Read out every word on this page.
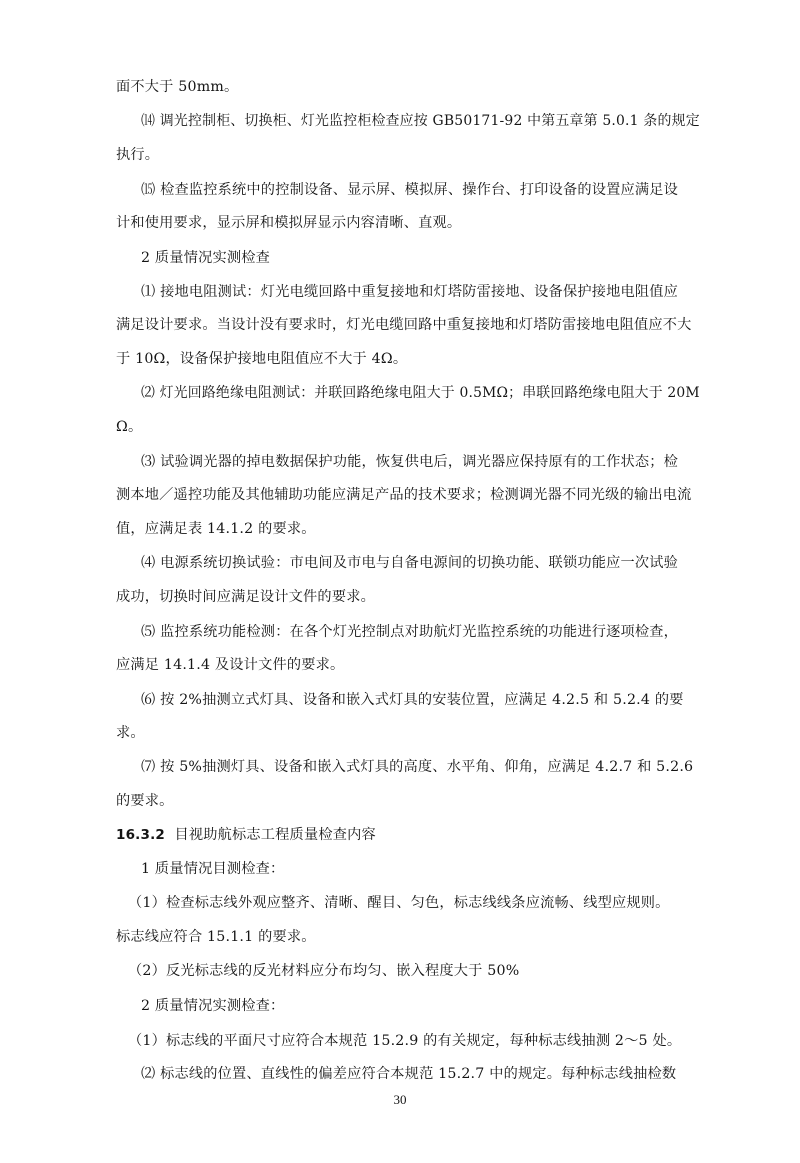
面不大于 50mm。
⒁ 调光控制柜、切换柜、灯光监控柜检查应按 GB50171-92 中第五章第 5.0.1 条的规定
执行。
⒂ 检查监控系统中的控制设备、显示屏、模拟屏、操作台、打印设备的设置应满足设
计和使用要求，显示屏和模拟屏显示内容清晰、直观。
2 质量情况实测检查
⑴ 接地电阻测试：灯光电缆回路中重复接地和灯塔防雷接地、设备保护接地电阻值应
满足设计要求。当设计没有要求时，灯光电缆回路中重复接地和灯塔防雷接地电阻值应不大
于 10Ω，设备保护接地电阻值应不大于 4Ω。
⑵ 灯光回路绝缘电阻测试：并联回路绝缘电阻大于 0.5MΩ；串联回路绝缘电阻大于 20M
Ω。
⑶ 试验调光器的掉电数据保护功能，恢复供电后，调光器应保持原有的工作状态；检
测本地／遥控功能及其他辅助功能应满足产品的技术要求；检测调光器不同光级的输出电流
值，应满足表 14.1.2 的要求。
⑷ 电源系统切换试验：市电间及市电与自备电源间的切换功能、联锁功能应一次试验
成功，切换时间应满足设计文件的要求。
⑸ 监控系统功能检测：在各个灯光控制点对助航灯光监控系统的功能进行逐项检查，
应满足 14.1.4 及设计文件的要求。
⑹ 按 2%抽测立式灯具、设备和嵌入式灯具的安装位置，应满足 4.2.5 和 5.2.4 的要
求。
⑺ 按 5%抽测灯具、设备和嵌入式灯具的高度、水平角、仰角，应满足 4.2.7 和 5.2.6
的要求。
16.3.2 目视助航标志工程质量检查内容
1 质量情况目测检查：
（1）检查标志线外观应整齐、清晰、醒目、匀色，标志线线条应流畅、线型应规则。
标志线应符合 15.1.1 的要求。
（2）反光标志线的反光材料应分布均匀、嵌入程度大于 50%
2 质量情况实测检查：
（1）标志线的平面尺寸应符合本规范 15.2.9 的有关规定，每种标志线抽测 2～5 处。
⑵ 标志线的位置、直线性的偏差应符合本规范 15.2.7 中的规定。每种标志线抽检数
30
